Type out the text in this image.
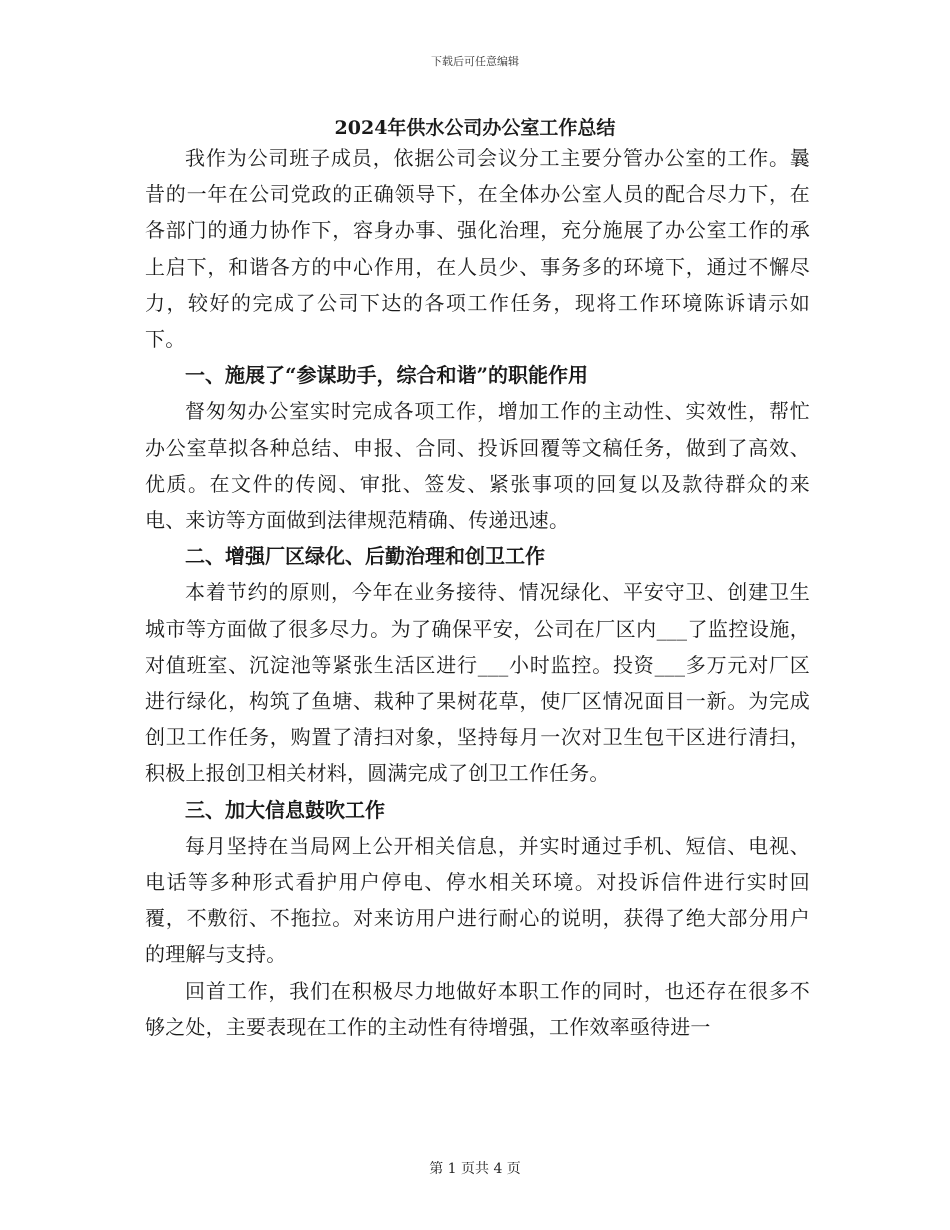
下载后可任意编辑
2024年供水公司办公室工作总结

我作为公司班子成员，依据公司会议分工主要分管办公室的工作。曩昔的一年在公司党政的正确领导下，在全体办公室人员的配合尽力下，在各部门的通力协作下，容身办事、强化治理，充分施展了办公室工作的承上启下，和谐各方的中心作用，在人员少、事务多的环境下，通过不懈尽力，较好的完成了公司下达的各项工作任务，现将工作环境陈诉请示如下。

一、施展了“参谋助手，综合和谐”的职能作用

督匆匆办公室实时完成各项工作，增加工作的主动性、实效性，帮忙办公室草拟各种总结、申报、合同、投诉回覆等文稿任务，做到了高效、优质。在文件的传阅、审批、签发、紧张事项的回复以及款待群众的来电、来访等方面做到法律规范精确、传递迅速。

二、增强厂区绿化、后勤治理和创卫工作

本着节约的原则，今年在业务接待、情况绿化、平安守卫、创建卫生城市等方面做了很多尽力。为了确保平安，公司在厂区内___了监控设施，对值班室、沉淀池等紧张生活区进行___小时监控。投资___多万元对厂区进行绿化，构筑了鱼塘、栽种了果树花草，使厂区情况面目一新。为完成创卫工作任务，购置了清扫对象，坚持每月一次对卫生包干区进行清扫，积极上报创卫相关材料，圆满完成了创卫工作任务。

三、加大信息鼓吹工作

每月坚持在当局网上公开相关信息，并实时通过手机、短信、电视、电话等多种形式看护用户停电、停水相关环境。对投诉信件进行实时回覆，不敷衍、不拖拉。对来访用户进行耐心的说明，获得了绝大部分用户的理解与支持。

回首工作，我们在积极尽力地做好本职工作的同时，也还存在很多不够之处，主要表现在工作的主动性有待增强，工作效率亟待进一

第 1 页共 4 页
